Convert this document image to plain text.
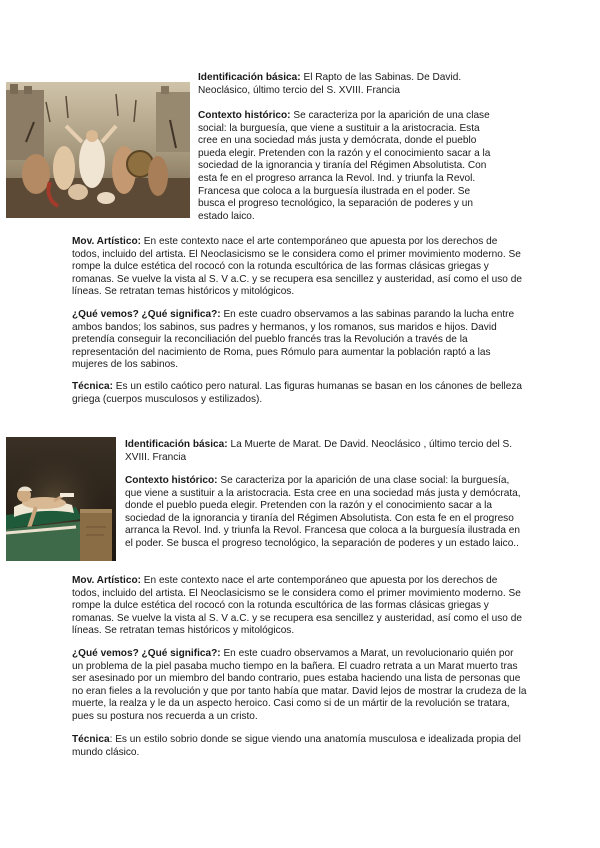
Identificación básica: El Rapto de las Sabinas. De David. Neoclásico, último tercio del S. XVIII. Francia
Contexto histórico: Se caracteriza por la aparición de una clase social: la burguesía, que viene a sustituir a la aristocracia. Esta cree en una sociedad más justa y demócrata, donde el pueblo pueda elegir. Pretenden con la razón y el conocimiento sacar a la sociedad de la ignorancia y tiranía del Régimen Absolutista. Con esta fe en el progreso arranca la Revol. Ind. y triunfa la Revol. Francesa que coloca a la burguesía ilustrada en el poder. Se busca el progreso tecnológico, la separación de poderes y un estado laico.
Mov. Artístico: En este contexto nace el arte contemporáneo que apuesta por los derechos de todos, incluido del artista. El Neoclasicismo se le considera como el primer movimiento moderno. Se rompe la dulce estética del rococó con la rotunda escultórica de las formas clásicas griegas y romanas. Se vuelve la vista al S. V a.C. y se recupera esa sencillez y austeridad, así como el uso de líneas. Se retratan temas históricos y mitológicos.
¿Qué vemos? ¿Qué significa?: En este cuadro observamos a las sabinas parando la lucha entre ambos bandos; los sabinos, sus padres y hermanos, y los romanos, sus maridos e hijos. David pretendía conseguir la reconciliación del pueblo francés tras la Revolución a través de la representación del nacimiento de Roma, pues Rómulo para aumentar la población raptó a las mujeres de los sabinos.
Técnica: Es un estilo caótico pero natural. Las figuras humanas se basan en los cánones de belleza griega (cuerpos musculosos y estilizados).
Identificación básica: La Muerte de Marat. De David. Neoclásico , último tercio del S. XVIII. Francia
Contexto histórico: Se caracteriza por la aparición de una clase social: la burguesía, que viene a sustituir a la aristocracia. Esta cree en una sociedad más justa y demócrata, donde el pueblo pueda elegir. Pretenden con la razón y el conocimiento sacar a la sociedad de la ignorancia y tiranía del Régimen Absolutista. Con esta fe en el progreso arranca la Revol. Ind. y triunfa la Revol. Francesa que coloca a la burguesía ilustrada en el poder. Se busca el progreso tecnológico, la separación de poderes y un estado laico..
Mov. Artístico: En este contexto nace el arte contemporáneo que apuesta por los derechos de todos, incluido del artista. El Neoclasicismo se le considera como el primer movimiento moderno. Se rompe la dulce estética del rococó con la rotunda escultórica de las formas clásicas griegas y romanas. Se vuelve la vista al S. V a.C. y se recupera esa sencillez y austeridad, así como el uso de líneas. Se retratan temas históricos y mitológicos.
¿Qué vemos? ¿Qué significa?: En este cuadro observamos a Marat, un revolucionario quién por un problema de la piel pasaba mucho tiempo en la bañera. El cuadro retrata a un Marat muerto tras ser asesinado por un miembro del bando contrario, pues estaba haciendo una lista de personas que no eran fieles a la revolución y que por tanto había que matar. David lejos de mostrar la crudeza de la muerte, la realza y le da un aspecto heroico. Casi como si de un mártir de la revolución se tratara, pues su postura nos recuerda a un cristo.
Técnica: Es un estilo sobrio donde se sigue viendo una anatomía musculosa e idealizada propia del mundo clásico.
